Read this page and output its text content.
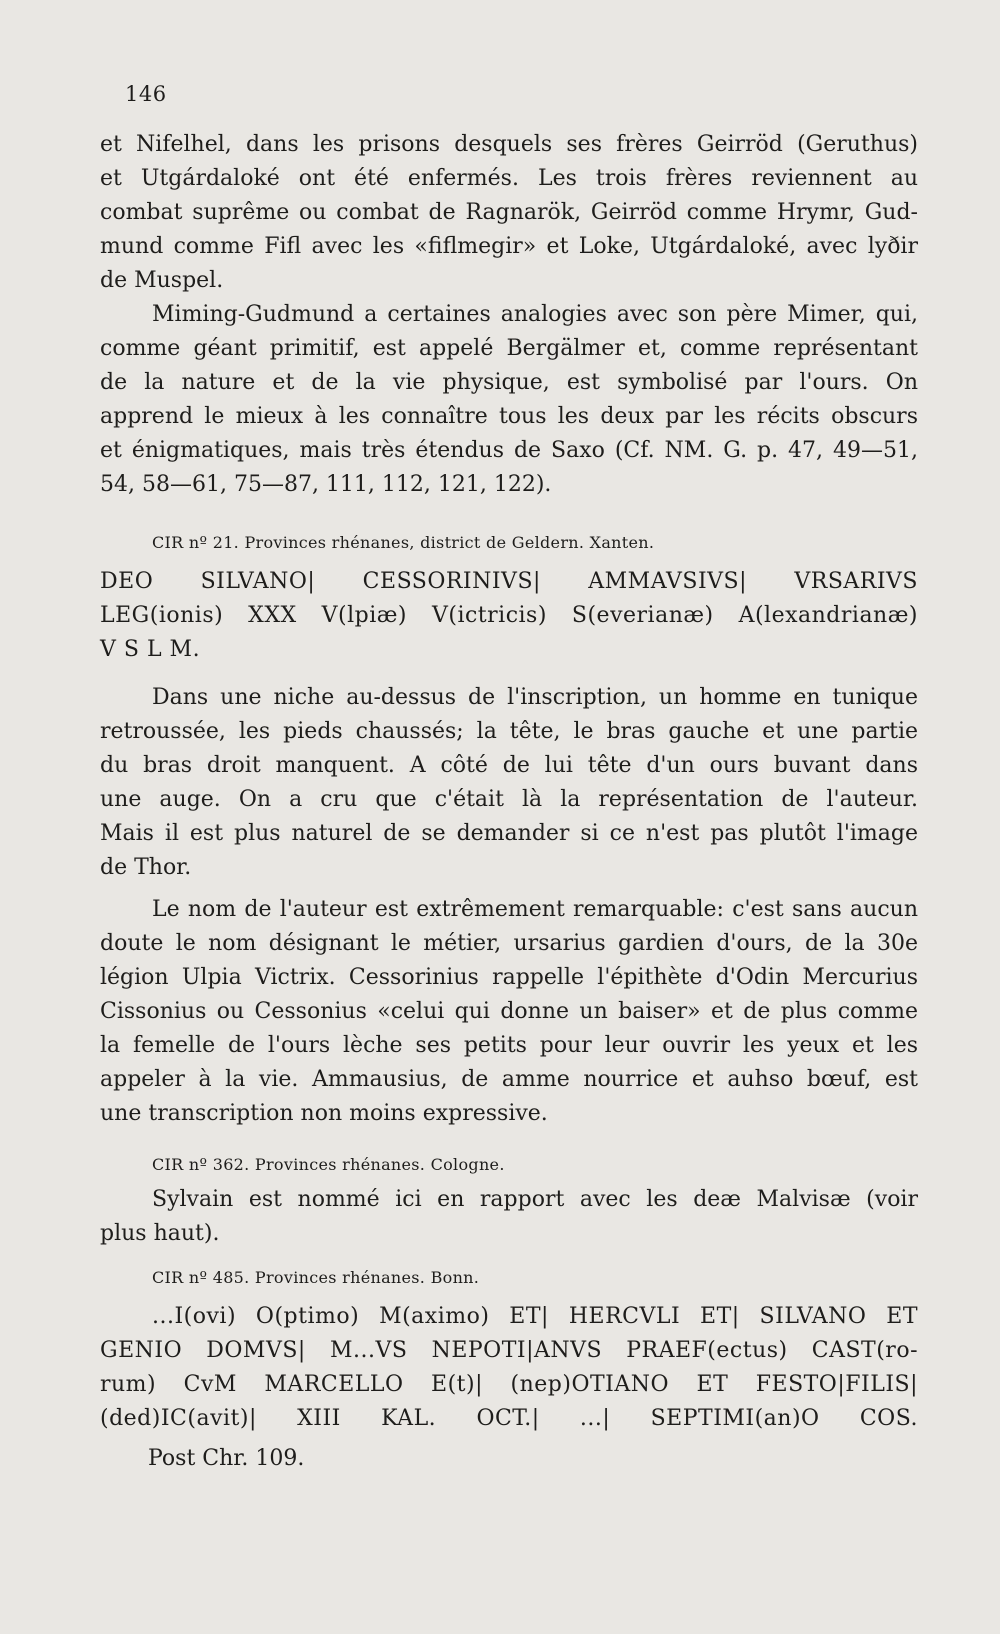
146

et Nifelhel, dans les prisons desquels ses frères Geirröd (Geruthus)

et Utgárdaloké ont été enfermés. Les trois frères reviennent au

combat suprême ou combat de Ragnarök, Geirröd comme Hrymr, Gud-

mund comme Fifl avec les «fiflmegir» et Loke, Utgárdaloké, avec lyðir

de Muspel.

Miming-Gudmund a certaines analogies avec son père Mimer, qui,

comme géant primitif, est appelé Bergälmer et, comme représentant

de la nature et de la vie physique, est symbolisé par l'ours. On

apprend le mieux à les connaître tous les deux par les récits obscurs

et énigmatiques, mais très étendus de Saxo (Cf. NM. G. p. 47, 49—51,

54, 58—61, 75—87, 111, 112, 121, 122).

CIR nº 21. Provinces rhénanes, district de Geldern. Xanten.

DEO SILVANO| CESSORINIVS| AMMAVSIVS| VRSARIVS

LEG(ionis) XXX V(lpiæ) V(ictricis) S(everianæ) A(lexandrianæ)

V S L M.

Dans une niche au-dessus de l'inscription, un homme en tunique

retroussée, les pieds chaussés; la tête, le bras gauche et une partie

du bras droit manquent. A côté de lui tête d'un ours buvant dans

une auge. On a cru que c'était là la représentation de l'auteur.

Mais il est plus naturel de se demander si ce n'est pas plutôt l'image

de Thor.

Le nom de l'auteur est extrêmement remarquable: c'est sans aucun

doute le nom désignant le métier, ursarius gardien d'ours, de la 30e

légion Ulpia Victrix. Cessorinius rappelle l'épithète d'Odin Mercurius

Cissonius ou Cessonius «celui qui donne un baiser» et de plus comme

la femelle de l'ours lèche ses petits pour leur ouvrir les yeux et les

appeler à la vie. Ammausius, de amme nourrice et auhso bœuf, est

une transcription non moins expressive.

CIR nº 362. Provinces rhénanes. Cologne.

Sylvain est nommé ici en rapport avec les deæ Malvisæ (voir

plus haut).

CIR nº 485. Provinces rhénanes. Bonn.

...I(ovi) O(ptimo) M(aximo) ET| HERCVLI ET| SILVANO ET

GENIO DOMVS| M...VS NEPOTI|ANVS PRAEF(ectus) CAST(ro-

rum) CvM MARCELLO E(t)| (nep)OTIANO ET FESTO|FILIS|

(ded)IC(avit)| XIII KAL. OCT.| ...| SEPTIMI(an)O COS.

Post Chr. 109.
